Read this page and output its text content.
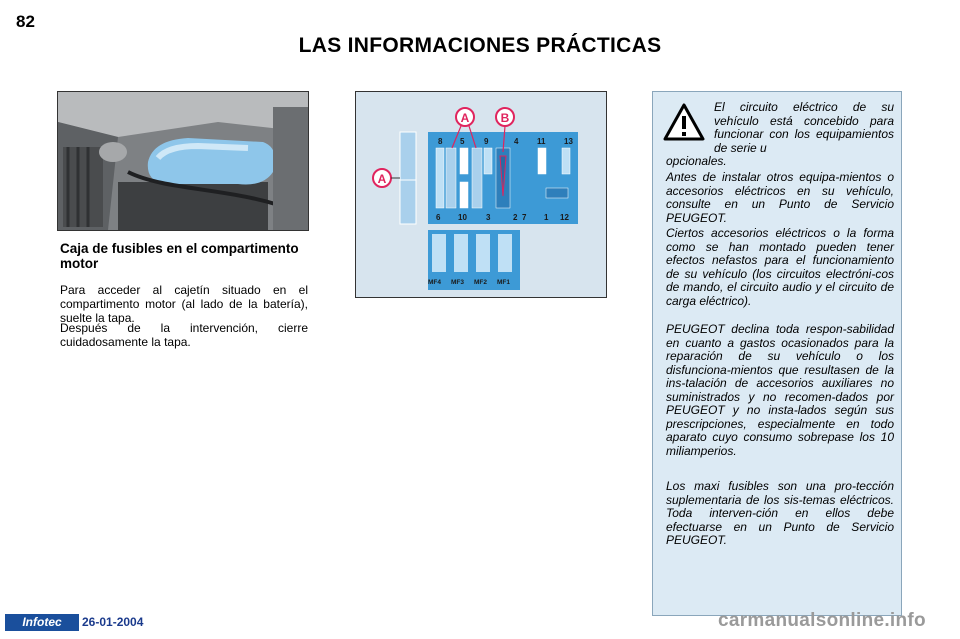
82
LAS INFORMACIONES PRÁCTICAS
Caja de fusibles en el compartimento motor
Para acceder al cajetín situado en el compartimento motor (al lado de la batería), suelte la tapa.
Después de la intervención, cierre cuidadosamente la tapa.
A
8 5 9	4 11 13
A	B
6 10 3	2 7 1 12
MF4 MF3 MF2 MF1
El circuito eléctrico de su vehículo está concebido para funcionar con los equipamientos de serie u
opcionales.
Antes de instalar otros equipa-mientos o accesorios eléctricos en su vehículo, consulte en un Punto de Servicio PEUGEOT.
Ciertos accesorios eléctricos o la forma como se han montado pueden tener efectos nefastos para el funcionamiento de su vehículo (los circuitos electróni-cos de mando, el circuito audio y el circuito de carga eléctrico).
PEUGEOT declina toda respon-sabilidad en cuanto a gastos ocasionados para la reparación de su vehículo o los disfunciona-mientos que resultasen de la ins-talación de accesorios auxiliares no suministrados y no recomen-dados por PEUGEOT y no insta-lados según sus prescripciones, especialmente en todo aparato cuyo consumo sobrepase los 10 miliamperios.
Los maxi fusibles son una pro-tección suplementaria de los sis-temas eléctricos. Toda interven-ción en ellos debe efectuarse en un Punto de Servicio PEUGEOT.
Infotec	26-01-2004	carmanualsonline.info
